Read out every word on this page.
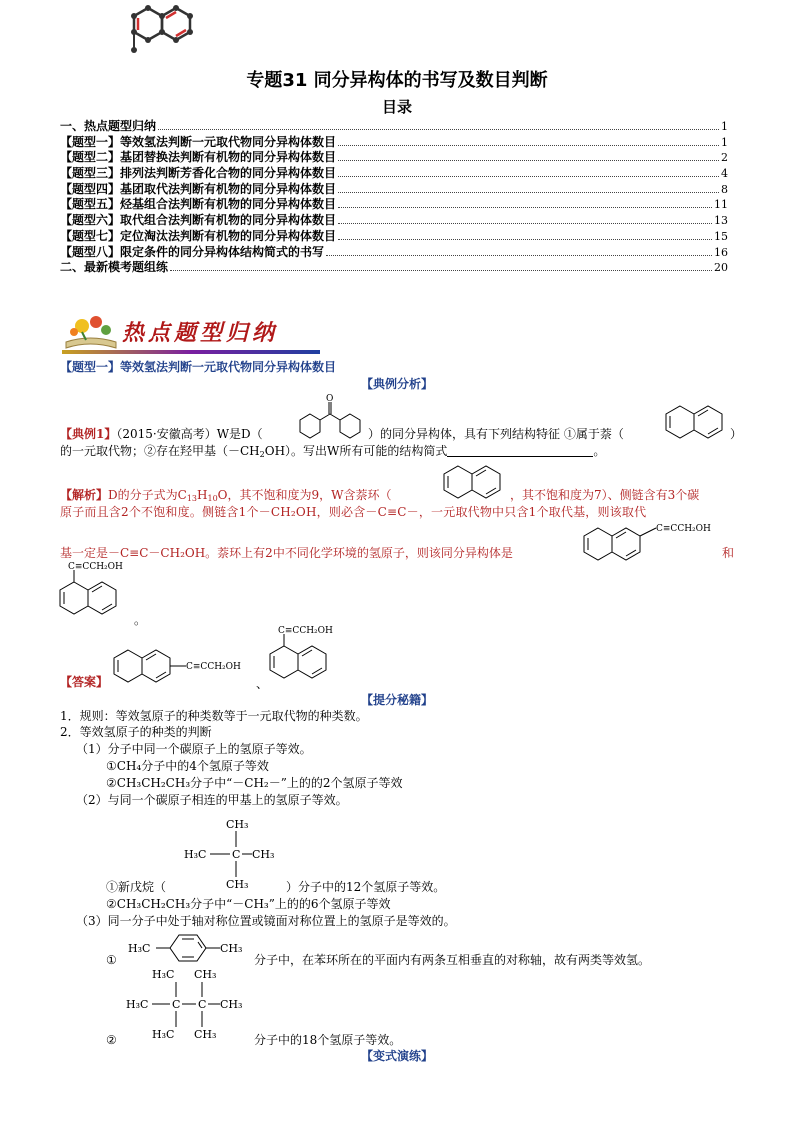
专题31 同分异构体的书写及数目判断
目录
一、热点题型归纳	1
【题型一】等效氢法判断一元取代物同分异构体数目	1
【题型二】基团替换法判断有机物的同分异构体数目	2
【题型三】排列法判断芳香化合物的同分异构体数目	4
【题型四】基团取代法判断有机物的同分异构体数目	8
【题型五】烃基组合法判断有机物的同分异构体数目	11
【题型六】取代组合法判断有机物的同分异构体数目	13
【题型七】定位淘汰法判断有机物的同分异构体数目	15
【题型八】限定条件的同分异构体结构简式的书写	16
二、最新模考题组练	20
热点题型归纳
【题型一】等效氢法判断一元取代物同分异构体数目
【典例分析】
【典例1】（2015·安徽高考）W是D（
O
）的同分异构体，具有下列结构特征 ①属于萘（	）
的一元取代物；②存在羟甲基$(-CH_2OH)$。写出W所有可能的结构简式	。
【解析】D的分子式为$C_{13}H_{10}O$，其不饱和度为9，W含萘环（	，其不饱和度为7）、侧链含有3个碳
原子而且含2个不饱和度。侧链含1个－CH₂OH，则必含－C≡C－，一元取代物中只含1个取代基，则该取代
基一定是－C≡C－CH₂OH。萘环上有2中不同化学环境的氢原子，则该同分异构体是
C≡CCH₂OH
和
C≡CCH₂OH
。
【答案】
C≡CCH₂OH
、
C≡CCH₂OH
【提分秘籍】
1．规则：等效氢原子的种类数等于一元取代物的种类数。
2．等效氢原子的种类的判断
（1）分子中同一个碳原子上的氢原子等效。
①CH₄分子中的4个氢原子等效
②CH₃CH₂CH₃分子中“－CH₂－”上的的2个氢原子等效
（2）与同一个碳原子相连的甲基上的氢原子等效。
CH₃
H₃C C CH₃
CH₃
①新戊烷（	）分子中的12个氢原子等效。
②CH₃CH₂CH₃分子中“－CH₃”上的的6个氢原子等效
（3）同一分子中处于轴对称位置或镜面对称位置上的氢原子是等效的。
①
H₃C	CH₃
分子中，在苯环所在的平面内有两条互相垂直的对称轴，故有两类等效氢。
②
H₃C CH₃
H₃C C C CH₃
H₃C CH₃	分子中的18个氢原子等效。
【变式演练】
